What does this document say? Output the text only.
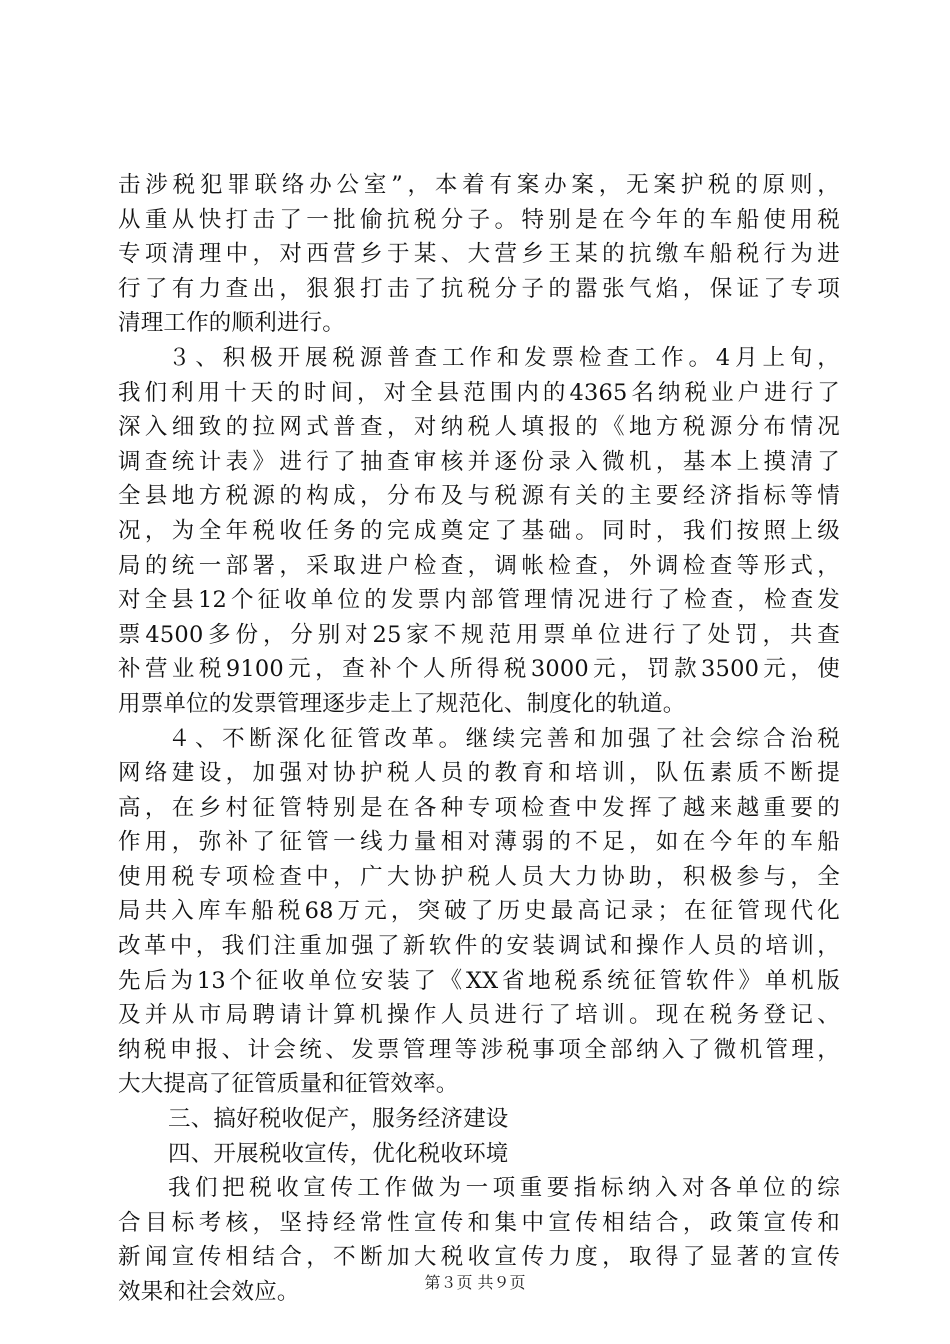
击涉税犯罪联络办公室”，本着有案办案，无案护税的原则，
从重从快打击了一批偷抗税分子。特别是在今年的车船使用税
专项清理中，对西营乡于某、大营乡王某的抗缴车船税行为进
行了有力查出，狠狠打击了抗税分子的嚣张气焰，保证了专项
清理工作的顺利进行。
３、积极开展税源普查工作和发票检查工作。4月上旬，
我们利用十天的时间，对全县范围内的4365名纳税业户进行了
深入细致的拉网式普查，对纳税人填报的《地方税源分布情况
调查统计表》进行了抽查审核并逐份录入微机，基本上摸清了
全县地方税源的构成，分布及与税源有关的主要经济指标等情
况，为全年税收任务的完成奠定了基础。同时，我们按照上级
局的统一部署，采取进户检查，调帐检查，外调检查等形式，
对全县12个征收单位的发票内部管理情况进行了检查，检查发
票4500多份，分别对25家不规范用票单位进行了处罚，共查
补营业税9100元，查补个人所得税3000元，罚款3500元，使
用票单位的发票管理逐步走上了规范化、制度化的轨道。
４、不断深化征管改革。继续完善和加强了社会综合治税
网络建设，加强对协护税人员的教育和培训，队伍素质不断提
高，在乡村征管特别是在各种专项检查中发挥了越来越重要的
作用，弥补了征管一线力量相对薄弱的不足，如在今年的车船
使用税专项检查中，广大协护税人员大力协助，积极参与，全
局共入库车船税68万元，突破了历史最高记录；在征管现代化
改革中，我们注重加强了新软件的安装调试和操作人员的培训，
先后为13个征收单位安装了《XX省地税系统征管软件》单机版
及并从市局聘请计算机操作人员进行了培训。现在税务登记、
纳税申报、计会统、发票管理等涉税事项全部纳入了微机管理，
大大提高了征管质量和征管效率。
三、搞好税收促产，服务经济建设
四、开展税收宣传，优化税收环境
我们把税收宣传工作做为一项重要指标纳入对各单位的综
合目标考核，坚持经常性宣传和集中宣传相结合，政策宣传和
新闻宣传相结合，不断加大税收宣传力度，取得了显著的宣传
效果和社会效应。	第３页 共９页
